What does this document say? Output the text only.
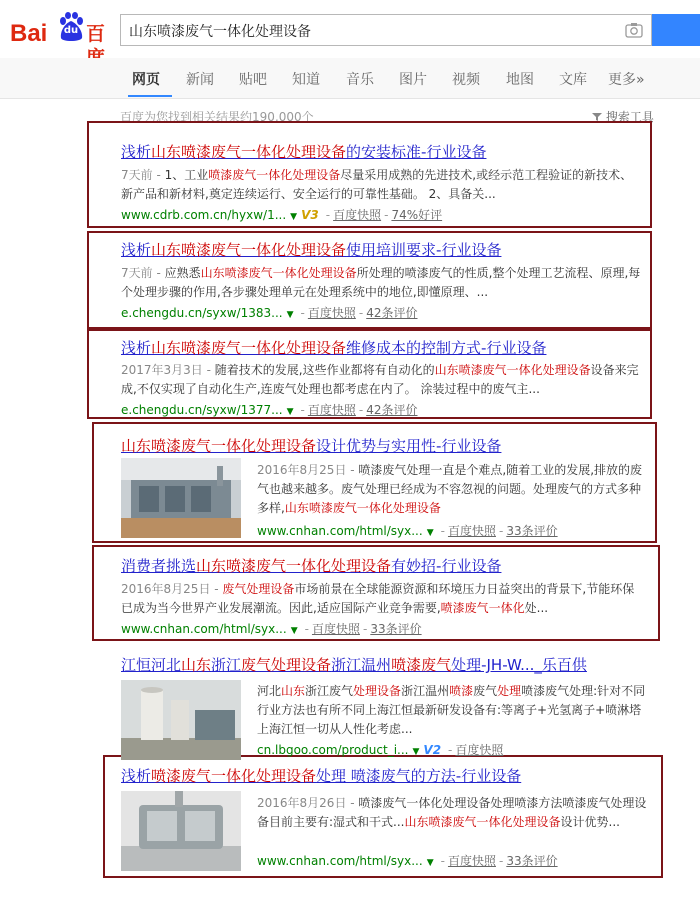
Bai	du 百	山东喷漆废气一体化处理设备
网页 新闻 贴吧 知道 音乐 图片 视频 地图 文库 更多»
百度为您找到相关结果约190,000个	搜索工具
浅析山东喷漆废气一体化处理设备的安装标准-行业设备
7天前 - 1、工业喷漆废气一体化处理设备尽量采用成熟的先进技术,或经示范工程验证的新技术、新产品和新材料,奠定连续运行、安全运行的可靠性基础。 2、具备关...
www.cdrb.com.cn/hyxw/1... ▼ V3 - 百度快照 - 74%好评
浅析山东喷漆废气一体化处理设备使用培训要求-行业设备
7天前 - 应熟悉山东喷漆废气一体化处理设备所处理的喷漆废气的性质,整个处理工艺流程、原理,每个处理步骤的作用,各步骤处理单元在处理系统中的地位,即懂原理、...
e.chengdu.cn/syxw/1383... ▼ - 百度快照 - 42条评价
浅析山东喷漆废气一体化处理设备维修成本的控制方式-行业设备
2017年3月3日 - 随着技术的发展,这些作业都将有自动化的山东喷漆废气一体化处理设备设备来完成,不仅实现了自动化生产,连废气处理也都考虑在内了。 涂装过程中的废气主...
e.chengdu.cn/syxw/1377... ▼ - 百度快照 - 42条评价
山东喷漆废气一体化处理设备设计优势与实用性-行业设备
2016年8月25日 - 喷漆废气处理一直是个难点,随着工业的发展,排放的废气也越来越多。废气处理已经成为不容忽视的问题。处理废气的方式多种多样,山东喷漆废气一体化处理设备
www.cnhan.com/html/syx... ▼ - 百度快照 - 33条评价
消费者挑选山东喷漆废气一体化处理设备有妙招-行业设备
2016年8月25日 - 废气处理设备市场前景在全球能源资源和环境压力日益突出的背景下,节能环保已成为当今世界产业发展潮流。因此,适应国际产业竞争需要,喷漆废气一体化处...
www.cnhan.com/html/syx... ▼ - 百度快照 - 33条评价
江恒河北山东浙江废气处理设备浙江温州喷漆废气处理-JH-W..._乐百供
河北山东浙江废气处理设备浙江温州喷漆废气处理喷漆废气处理:针对不同行业方法也有所不同上海江恒最新研发设备有:等离子+光氢离子+喷淋塔 上海江恒一切从人性化考虑...
cn.lbgoo.com/product_i... ▼ V2 - 百度快照
浅析喷漆废气一体化处理设备处理 喷漆废气的方法-行业设备
2016年8月26日 - 喷漆废气一体化处理设备处理喷漆方法喷漆废气处理设备目前主要有:湿式和干式...山东喷漆废气一体化处理设备设计优势...
www.cnhan.com/html/syx... ▼ - 百度快照 - 33条评价
